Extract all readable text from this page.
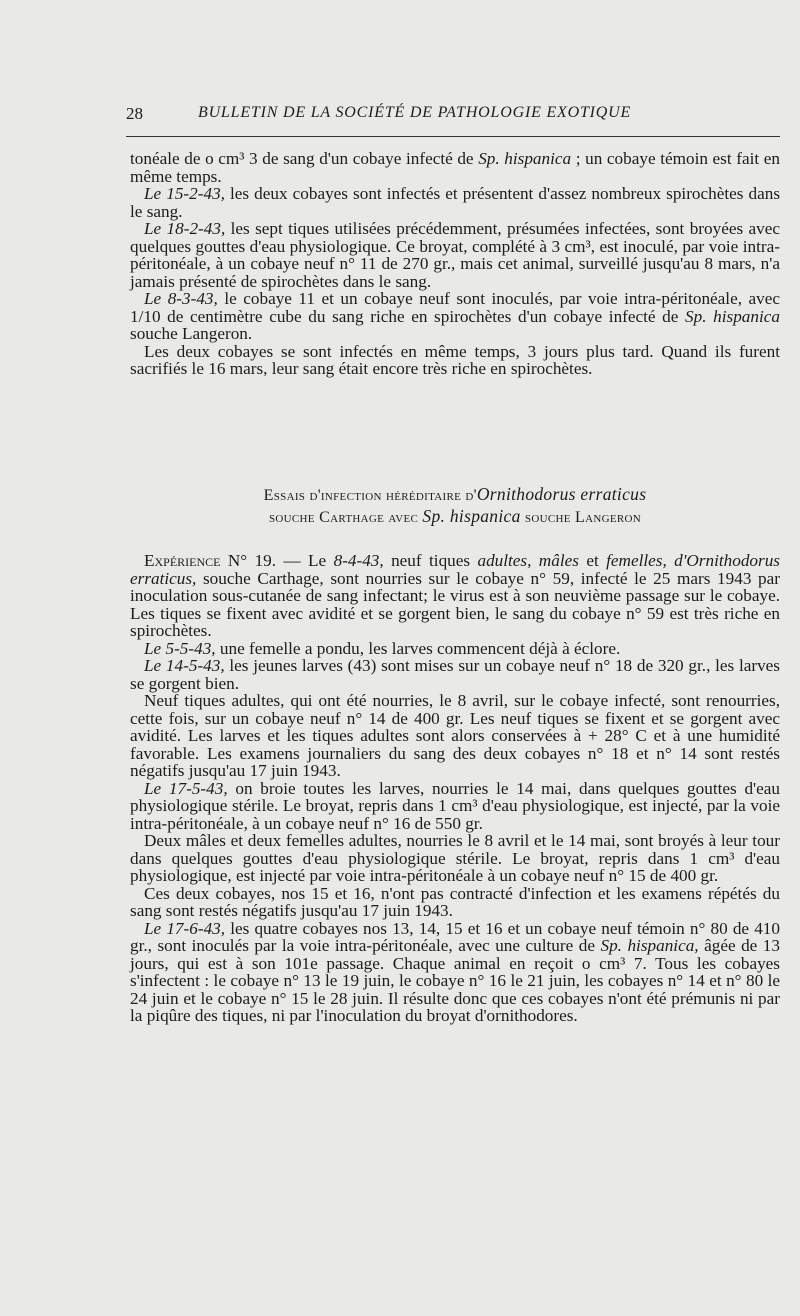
28	BULLETIN DE LA SOCIÉTÉ DE PATHOLOGIE EXOTIQUE

tonéale de o cm³ 3 de sang d'un cobaye infecté de Sp. hispanica ; un cobaye témoin est fait en même temps.

Le 15-2-43, les deux cobayes sont infectés et présentent d'assez nombreux spirochètes dans le sang.

Le 18-2-43, les sept tiques utilisées précédemment, présumées infectées, sont broyées avec quelques gouttes d'eau physiologique. Ce broyat, complété à 3 cm³, est inoculé, par voie intra-péritonéale, à un cobaye neuf n° 11 de 270 gr., mais cet animal, surveillé jusqu'au 8 mars, n'a jamais présenté de spirochètes dans le sang.

Le 8-3-43, le cobaye 11 et un cobaye neuf sont inoculés, par voie intra-péritonéale, avec 1/10 de centimètre cube du sang riche en spirochètes d'un cobaye infecté de Sp. hispanica souche Langeron.

Les deux cobayes se sont infectés en même temps, 3 jours plus tard. Quand ils furent sacrifiés le 16 mars, leur sang était encore très riche en spirochètes.

Essais d'infection héréditaire d'Ornithodorus erraticus
souche Carthage avec Sp. hispanica souche Langeron

Expérience N° 19. — Le 8-4-43, neuf tiques adultes, mâles et femelles, d'Ornithodorus erraticus, souche Carthage, sont nourries sur le cobaye n° 59, infecté le 25 mars 1943 par inoculation sous-cutanée de sang infectant; le virus est à son neuvième passage sur le cobaye. Les tiques se fixent avec avidité et se gorgent bien, le sang du cobaye n° 59 est très riche en spirochètes.

Le 5-5-43, une femelle a pondu, les larves commencent déjà à éclore.

Le 14-5-43, les jeunes larves (43) sont mises sur un cobaye neuf n° 18 de 320 gr., les larves se gorgent bien.

Neuf tiques adultes, qui ont été nourries, le 8 avril, sur le cobaye infecté, sont renourries, cette fois, sur un cobaye neuf n° 14 de 400 gr. Les neuf tiques se fixent et se gorgent avec avidité. Les larves et les tiques adultes sont alors conservées à + 28° C et à une humidité favorable. Les examens journaliers du sang des deux cobayes n° 18 et n° 14 sont restés négatifs jusqu'au 17 juin 1943.

Le 17-5-43, on broie toutes les larves, nourries le 14 mai, dans quelques gouttes d'eau physiologique stérile. Le broyat, repris dans 1 cm³ d'eau physiologique, est injecté, par la voie intra-péritonéale, à un cobaye neuf n° 16 de 550 gr.

Deux mâles et deux femelles adultes, nourries le 8 avril et le 14 mai, sont broyés à leur tour dans quelques gouttes d'eau physiologique stérile. Le broyat, repris dans 1 cm³ d'eau physiologique, est injecté par voie intra-péritonéale à un cobaye neuf n° 15 de 400 gr.

Ces deux cobayes, nos 15 et 16, n'ont pas contracté d'infection et les examens répétés du sang sont restés négatifs jusqu'au 17 juin 1943.

Le 17-6-43, les quatre cobayes nos 13, 14, 15 et 16 et un cobaye neuf témoin n° 80 de 410 gr., sont inoculés par la voie intra-péritonéale, avec une culture de Sp. hispanica, âgée de 13 jours, qui est à son 101e passage. Chaque animal en reçoit o cm³ 7. Tous les cobayes s'infectent : le cobaye n° 13 le 19 juin, le cobaye n° 16 le 21 juin, les cobayes n° 14 et n° 80 le 24 juin et le cobaye n° 15 le 28 juin. Il résulte donc que ces cobayes n'ont été prémunis ni par la piqûre des tiques, ni par l'inoculation du broyat d'ornithodores.
